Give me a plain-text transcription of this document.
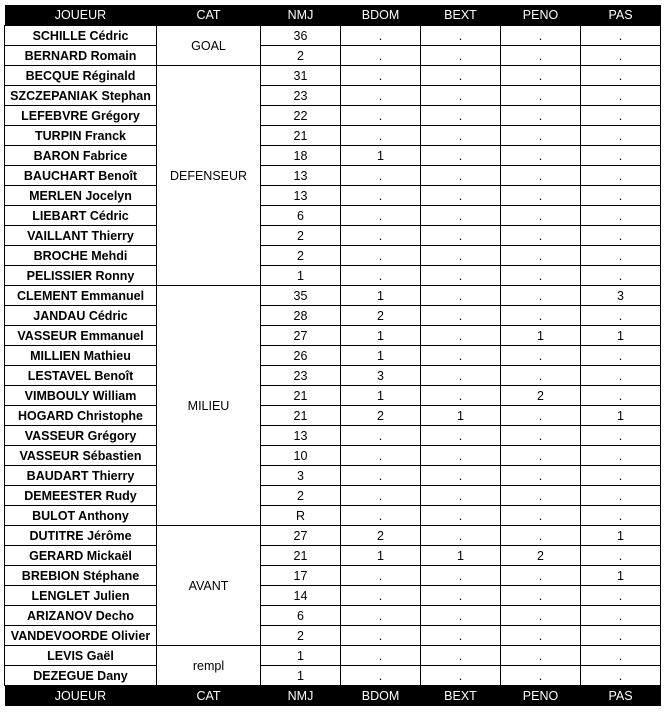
JOUEUR	CAT	NMJ	BDOM	BEXT	PENO	PAS
SCHILLE Cédric	GOAL	36	.	.	.	.
BERNARD Romain		2	.	.	.	.
BECQUE Réginald	DEFENSEUR	31	.	.	.	.
SZCZEPANIAK Stephan		23	.	.	.	.
LEFEBVRE Grégory		22	.	.	.	.
TURPIN Franck		21	.	.	.	.
BARON Fabrice		18	1	.	.	.
BAUCHART Benoît		13	.	.	.	.
MERLEN Jocelyn		13	.	.	.	.
LIEBART Cédric		6	.	.	.	.
VAILLANT Thierry		2	.	.	.	.
BROCHE Mehdi		2	.	.	.	.
PELISSIER Ronny		1	.	.	.	.
CLEMENT Emmanuel	MILIEU	35	1	.	.	3
JANDAU Cédric		28	2	.	.	.
VASSEUR Emmanuel		27	1	.	1	1
MILLIEN Mathieu		26	1	.	.	.
LESTAVEL Benoît		23	3	.	.	.
VIMBOULY William		21	1	.	2	.
HOGARD Christophe		21	2	1	.	1
VASSEUR Grégory		13	.	.	.	.
VASSEUR Sébastien		10	.	.	.	.
BAUDART Thierry		3	.	.	.	.
DEMEESTER Rudy		2	.	.	.	.
BULOT Anthony		R	.	.	.	.
DUTITRE Jérôme	AVANT	27	2	.	.	1
GERARD Mickaël		21	1	1	2	.
BREBION Stéphane		17	.	.	.	1
LENGLET Julien		14	.	.	.	.
ARIZANOV Decho		6	.	.	.	.
VANDEVOORDE Olivier		2	.	.	.	.
LEVIS Gaël	rempl	1	.	.	.	.
DEZEGUE Dany		1	.	.	.	.
JOUEUR	CAT	NMJ	BDOM	BEXT	PENO	PAS
